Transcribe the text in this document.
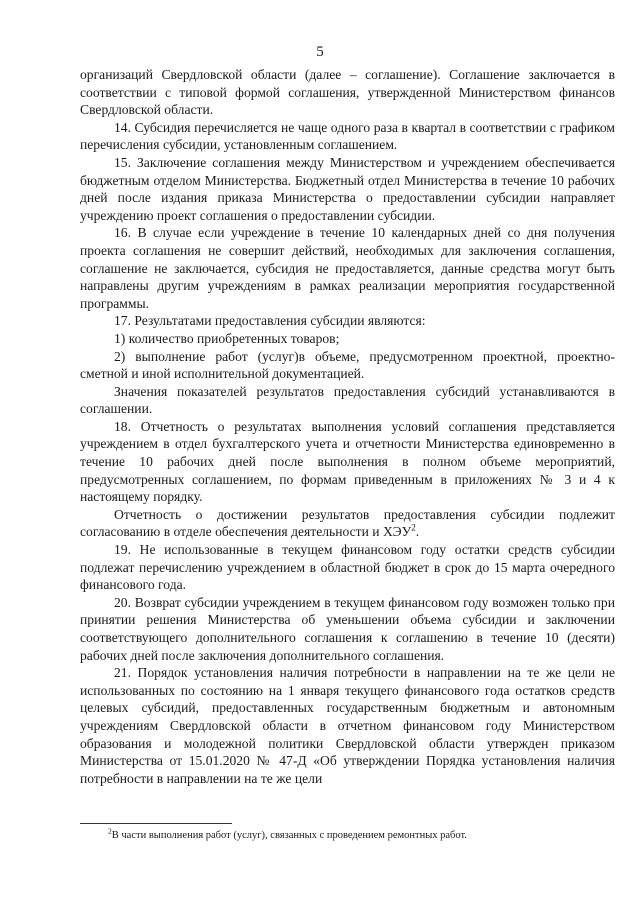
5

организаций Свердловской области (далее – соглашение). Соглашение заключается в соответствии с типовой формой соглашения, утвержденной Министерством финансов Свердловской области.

14. Субсидия перечисляется не чаще одного раза в квартал в соответствии с графиком перечисления субсидии, установленным соглашением.

15. Заключение соглашения между Министерством и учреждением обеспечивается бюджетным отделом Министерства. Бюджетный отдел Министерства в течение 10 рабочих дней после издания приказа Министерства о предоставлении субсидии направляет учреждению проект соглашения о предоставлении субсидии.

16. В случае если учреждение в течение 10 календарных дней со дня получения проекта соглашения не совершит действий, необходимых для заключения соглашения, соглашение не заключается, субсидия не предоставляется, данные средства могут быть направлены другим учреждениям в рамках реализации мероприятия государственной программы.

17. Результатами предоставления субсидии являются:

1) количество приобретенных товаров;

2) выполнение работ (услуг)в объеме, предусмотренном проектной, проектно-сметной и иной исполнительной документацией.

Значения показателей результатов предоставления субсидий устанавливаются в соглашении.

18. Отчетность о результатах выполнения условий соглашения представляется учреждением в отдел бухгалтерского учета и отчетности Министерства единовременно в течение 10 рабочих дней после выполнения в полном объеме мероприятий, предусмотренных соглашением, по формам приведенным в приложениях № 3 и 4 к настоящему порядку.

Отчетность о достижении результатов предоставления субсидии подлежит согласованию в отделе обеспечения деятельности и ХЭУ$^2$.

19. Не использованные в текущем финансовом году остатки средств субсидии подлежат перечислению учреждением в областной бюджет в срок до 15 марта очередного финансового года.

20. Возврат субсидии учреждением в текущем финансовом году возможен только при принятии решения Министерства об уменьшении объема субсидии и заключении соответствующего дополнительного соглашения к соглашению в течение 10 (десяти) рабочих дней после заключения дополнительного соглашения.

21. Порядок установления наличия потребности в направлении на те же цели не использованных по состоянию на 1 января текущего финансового года остатков средств целевых субсидий, предоставленных государственным бюджетным и автономным учреждениям Свердловской области в отчетном финансовом году Министерством образования и молодежной политики Свердловской области утвержден приказом Министерства от 15.01.2020 № 47-Д «Об утверждении Порядка установления наличия потребности в направлении на те же цели

$^2$В части выполнения работ (услуг), связанных с проведением ремонтных работ.
